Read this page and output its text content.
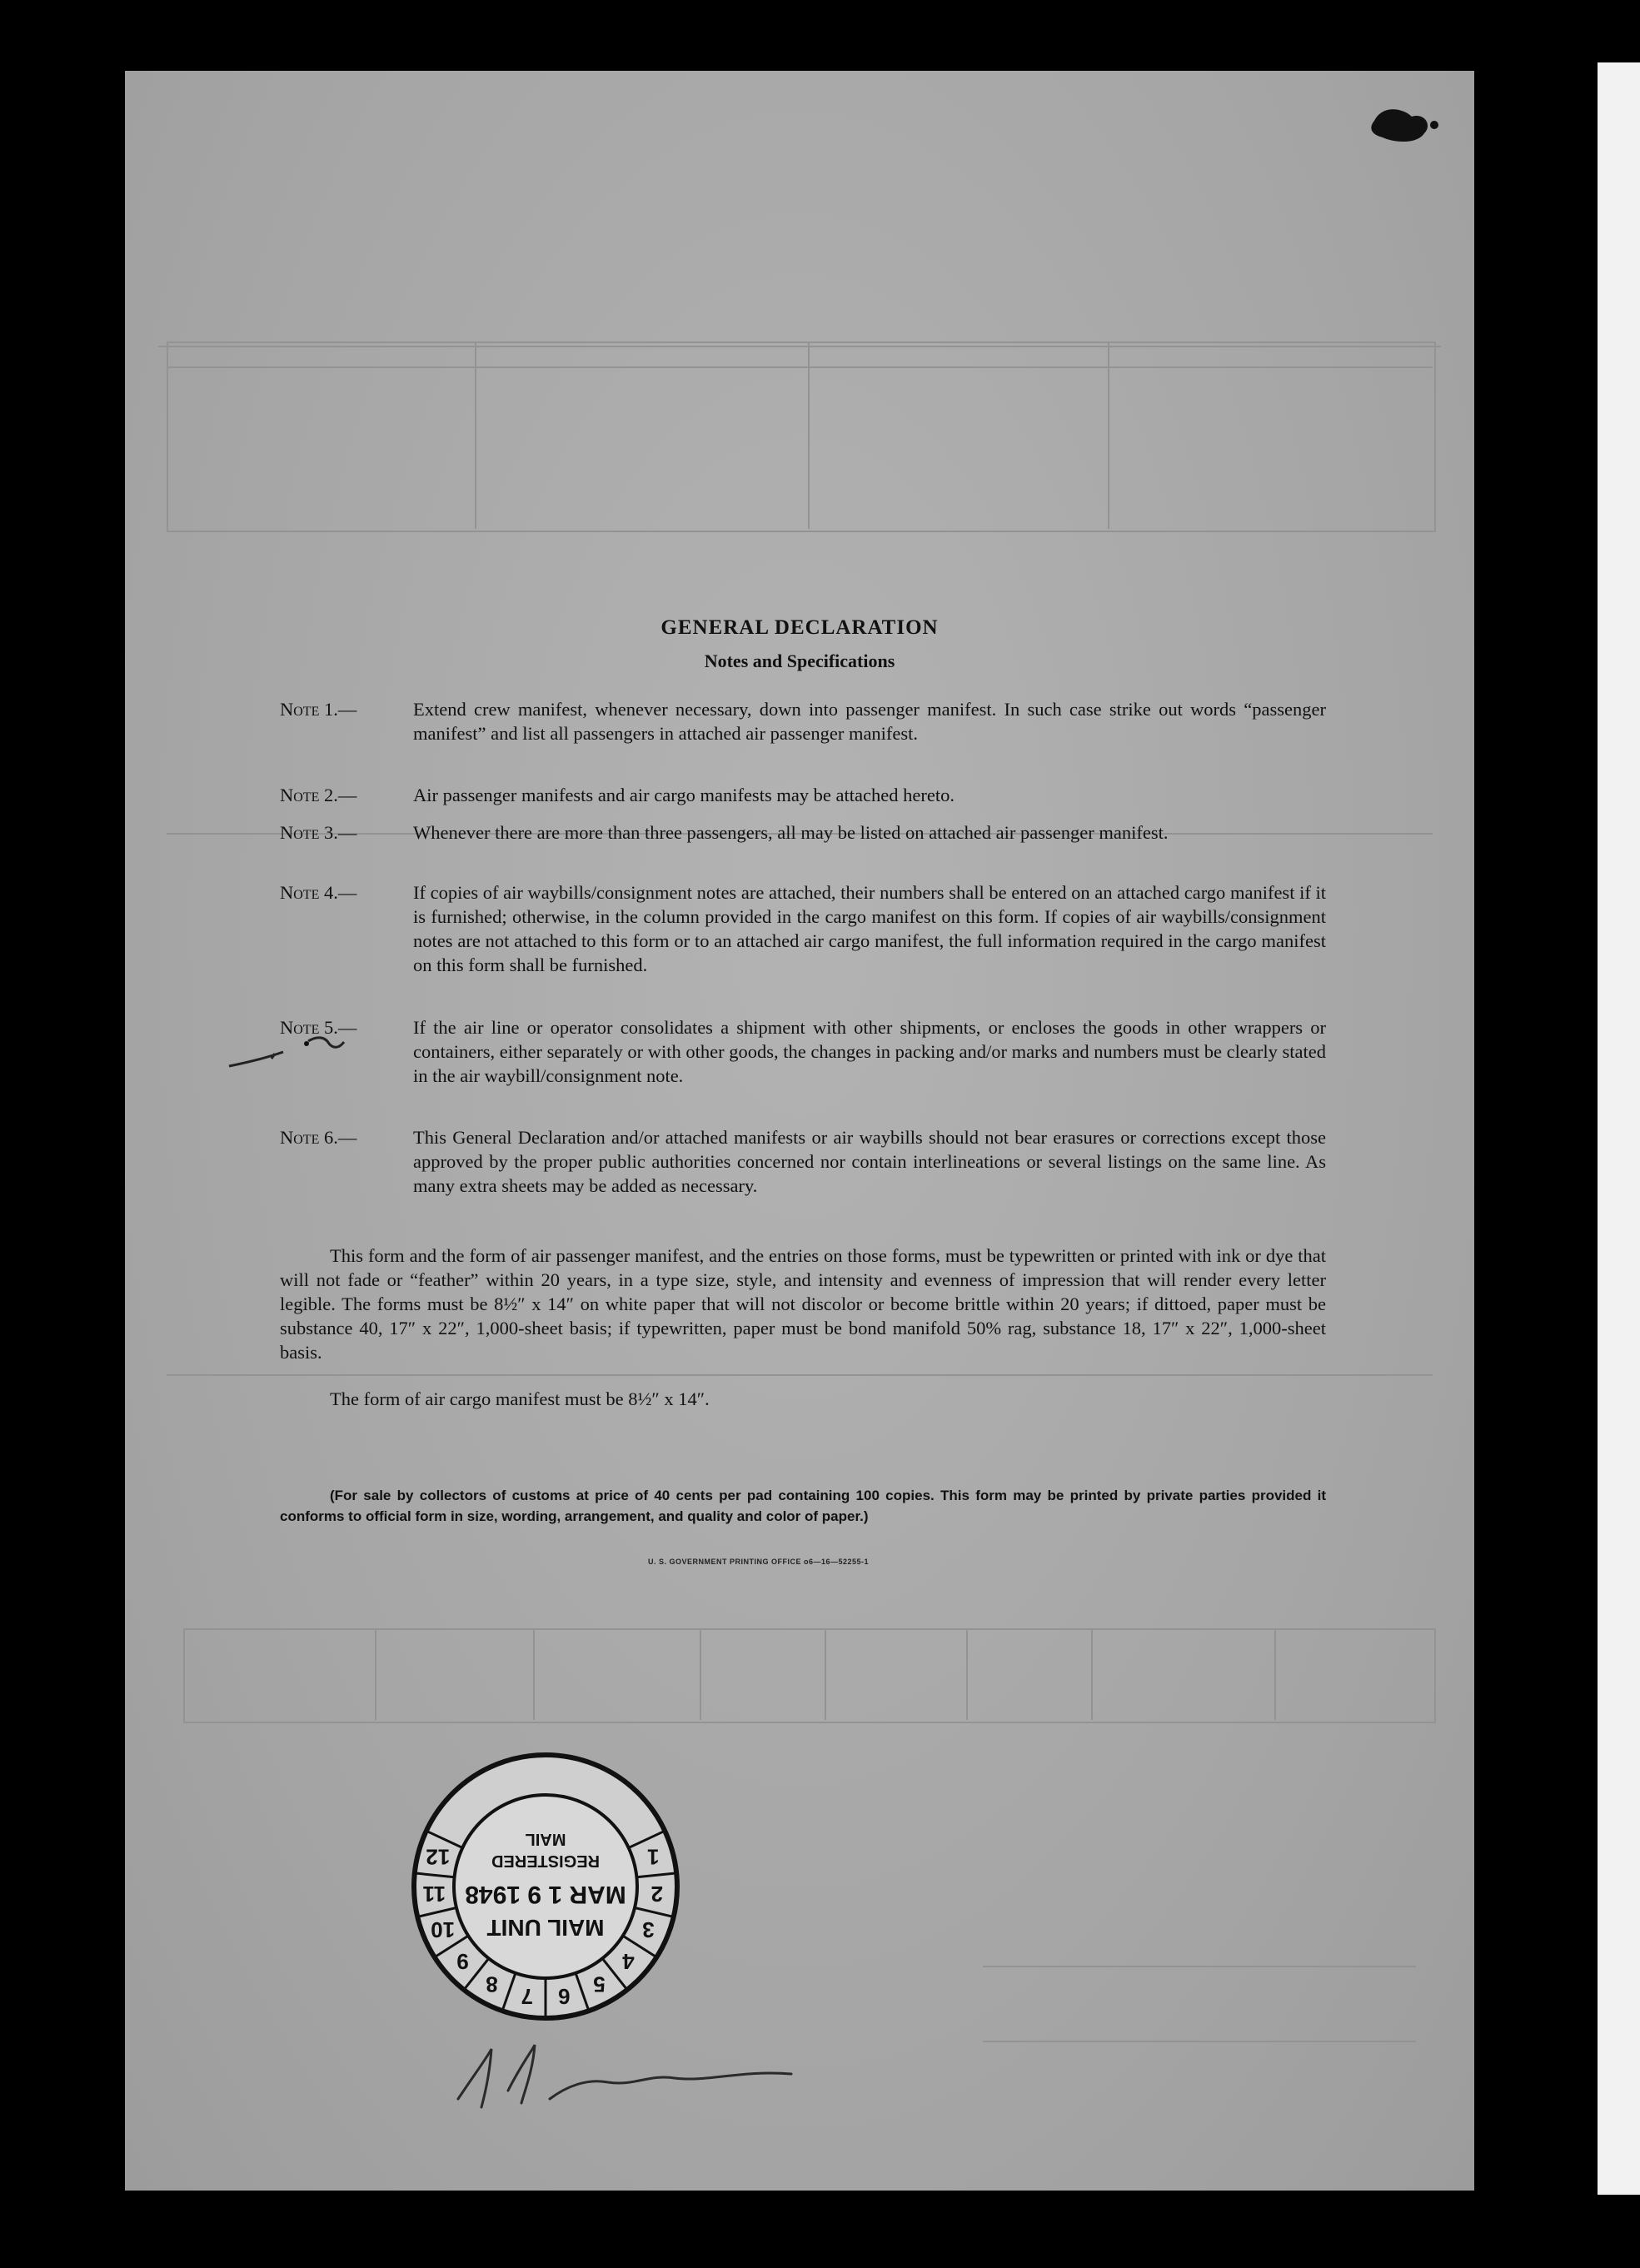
GENERAL DECLARATION
Notes and Specifications
Note 1.—	Extend crew manifest, whenever necessary, down into passenger manifest. In such case strike out words “passenger manifest” and list all passengers in attached air passenger manifest.
Note 2.—	Air passenger manifests and air cargo manifests may be attached hereto.
Note 3.—	Whenever there are more than three passengers, all may be listed on attached air passenger manifest.
Note 4.—	If copies of air waybills/consignment notes are attached, their numbers shall be entered on an attached cargo manifest if it is furnished; otherwise, in the column provided in the cargo manifest on this form. If copies of air waybills/consignment notes are not attached to this form or to an attached air cargo manifest, the full information required in the cargo manifest on this form shall be furnished.
Note 5.—	If the air line or operator consolidates a shipment with other shipments, or encloses the goods in other wrappers or containers, either separately or with other goods, the changes in packing and/or marks and numbers must be clearly stated in the air waybill/consignment note.
Note 6.—	This General Declaration and/or attached manifests or air waybills should not bear erasures or corrections except those approved by the proper public authorities concerned nor contain interlineations or several listings on the same line. As many extra sheets may be added as necessary.
This form and the form of air passenger manifest, and the entries on those forms, must be typewritten or printed with ink or dye that will not fade or “feather” within 20 years, in a type size, style, and intensity and evenness of impression that will render every letter legible. The forms must be 8½″ x 14″ on white paper that will not discolor or become brittle within 20 years; if dittoed, paper must be substance 40, 17″ x 22″, 1,000-sheet basis; if typewritten, paper must be bond manifold 50% rag, substance 18, 17″ x 22″, 1,000-sheet basis.
The form of air cargo manifest must be 8½″ x 14″.
(For sale by collectors of customs at price of 40 cents per pad containing 100 copies. This form may be printed by private parties provided it conforms to official form in size, wording, arrangement, and quality and color of paper.)
U. S. GOVERNMENT PRINTING OFFICE o6—16—52255-1
1
2
3
4
5
6
7
8
9
10
11
12
MAIL UNIT
MAR 1 9 1948
REGISTERED
MAIL
